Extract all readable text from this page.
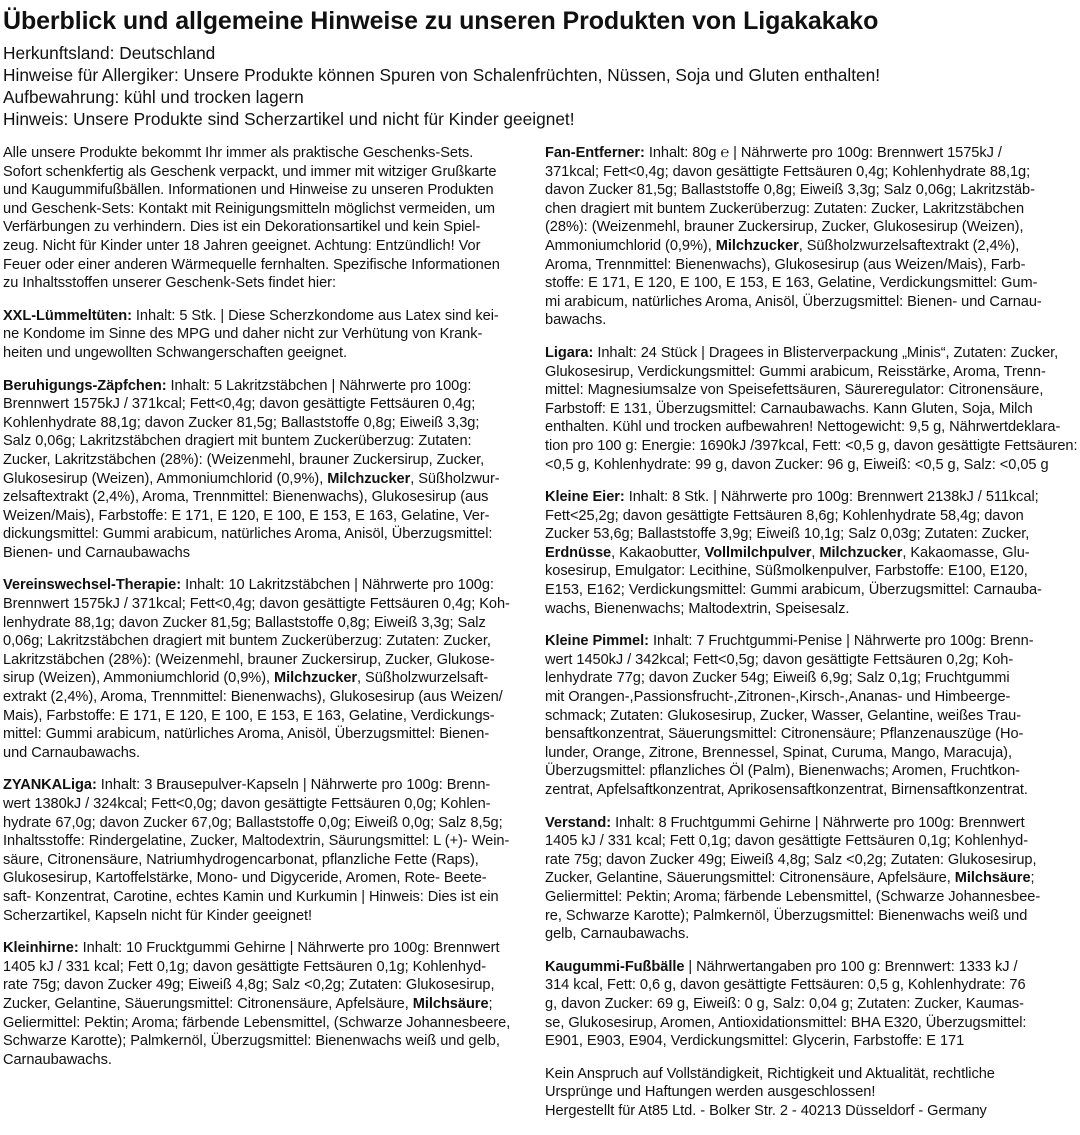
Überblick und allgemeine Hinweise zu unseren Produkten von Ligakakako

Herkunftsland: Deutschland

Hinweise für Allergiker: Unsere Produkte können Spuren von Schalenfrüchten, Nüssen, Soja und Gluten enthalten!

Aufbewahrung: kühl und trocken lagern

Hinweis: Unsere Produkte sind Scherzartikel und nicht für Kinder geeignet!

Alle unsere Produkte bekommt Ihr immer als praktische Geschenks-Sets.
Sofort schenkfertig als Geschenk verpackt, und immer mit witziger Grußkarte
und Kaugummifußbällen. Informationen und Hinweise zu unseren Produkten
und Geschenk-Sets: Kontakt mit Reinigungsmitteln möglichst vermeiden, um
Verfärbungen zu verhindern. Dies ist ein Dekorationsartikel und kein Spiel-
zeug. Nicht für Kinder unter 18 Jahren geeignet. Achtung: Entzündlich! Vor
Feuer oder einer anderen Wärmequelle fernhalten. Spezifische Informationen
zu Inhaltsstoffen unserer Geschenk-Sets findet hier:

XXL-Lümmeltüten: Inhalt: 5 Stk. | Diese Scherzkondome aus Latex sind kei-
ne Kondome im Sinne des MPG und daher nicht zur Verhütung von Krank-
heiten und ungewollten Schwangerschaften geeignet.

Beruhigungs-Zäpfchen: Inhalt: 5 Lakritzstäbchen | Nährwerte pro 100g:
Brennwert 1575kJ / 371kcal; Fett<0,4g; davon gesättigte Fettsäuren 0,4g;
Kohlenhydrate 88,1g; davon Zucker 81,5g; Ballaststoffe 0,8g; Eiweiß 3,3g;
Salz 0,06g; Lakritzstäbchen dragiert mit buntem Zuckerüberzug: Zutaten:
Zucker, Lakritzstäbchen (28%): (Weizenmehl, brauner Zuckersirup, Zucker,
Glukosesirup (Weizen), Ammoniumchlorid (0,9%), Milchzucker, Süßholzwur-
zelsaftextrakt (2,4%), Aroma, Trennmittel: Bienenwachs), Glukosesirup (aus
Weizen/Mais), Farbstoffe: E 171, E 120, E 100, E 153, E 163, Gelatine, Ver-
dickungsmittel: Gummi arabicum, natürliches Aroma, Anisöl, Überzugsmittel:
Bienen- und Carnaubawachs

Vereinswechsel-Therapie: Inhalt: 10 Lakritzstäbchen | Nährwerte pro 100g:
Brennwert 1575kJ / 371kcal; Fett<0,4g; davon gesättigte Fettsäuren 0,4g; Koh-
lenhydrate 88,1g; davon Zucker 81,5g; Ballaststoffe 0,8g; Eiweiß 3,3g; Salz
0,06g; Lakritzstäbchen dragiert mit buntem Zuckerüberzug: Zutaten: Zucker,
Lakritzstäbchen (28%): (Weizenmehl, brauner Zuckersirup, Zucker, Glukose-
sirup (Weizen), Ammoniumchlorid (0,9%), Milchzucker, Süßholzwurzelsaft-
extrakt (2,4%), Aroma, Trennmittel: Bienenwachs), Glukosesirup (aus Weizen/
Mais), Farbstoffe: E 171, E 120, E 100, E 153, E 163, Gelatine, Verdickungs-
mittel: Gummi arabicum, natürliches Aroma, Anisöl, Überzugsmittel: Bienen-
und Carnaubawachs.

ZYANKALiga: Inhalt: 3 Brausepulver-Kapseln | Nährwerte pro 100g: Brenn-
wert 1380kJ / 324kcal; Fett<0,0g; davon gesättigte Fettsäuren 0,0g; Kohlen-
hydrate 67,0g; davon Zucker 67,0g; Ballaststoffe 0,0g; Eiweiß 0,0g; Salz 8,5g;
Inhaltsstoffe: Rindergelatine, Zucker, Maltodextrin, Säurungsmittel: L (+)- Wein-
säure, Citronensäure, Natriumhydrogencarbonat, pflanzliche Fette (Raps),
Glukosesirup, Kartoffelstärke, Mono- und Digyceride, Aromen, Rote- Beete-
saft- Konzentrat, Carotine, echtes Kamin und Kurkumin | Hinweis: Dies ist ein
Scherzartikel, Kapseln nicht für Kinder geeignet!

Kleinhirne: Inhalt: 10 Frucktgummi Gehirne | Nährwerte pro 100g: Brennwert
1405 kJ / 331 kcal; Fett 0,1g; davon gesättigte Fettsäuren 0,1g; Kohlenhyd-
rate 75g; davon Zucker 49g; Eiweiß 4,8g; Salz <0,2g; Zutaten: Glukosesirup,
Zucker, Gelantine, Säuerungsmittel: Citronensäure, Apfelsäure, Milchsäure;
Geliermittel: Pektin; Aroma; färbende Lebensmittel, (Schwarze Johannesbeere,
Schwarze Karotte); Palmkernöl, Überzugsmittel: Bienenwachs weiß und gelb,
Carnaubawachs.

Fan-Entferner: Inhalt: 80g ℮ | Nährwerte pro 100g: Brennwert 1575kJ /
371kcal; Fett<0,4g; davon gesättigte Fettsäuren 0,4g; Kohlenhydrate 88,1g;
davon Zucker 81,5g; Ballaststoffe 0,8g; Eiweiß 3,3g; Salz 0,06g; Lakritzstäb-
chen dragiert mit buntem Zuckerüberzug: Zutaten: Zucker, Lakritzstäbchen
(28%): (Weizenmehl, brauner Zuckersirup, Zucker, Glukosesirup (Weizen),
Ammoniumchlorid (0,9%), Milchzucker, Süßholzwurzelsaftextrakt (2,4%),
Aroma, Trennmittel: Bienenwachs), Glukosesirup (aus Weizen/Mais), Farb-
stoffe: E 171, E 120, E 100, E 153, E 163, Gelatine, Verdickungsmittel: Gum-
mi arabicum, natürliches Aroma, Anisöl, Überzugsmittel: Bienen- und Carnau-
bawachs.

Ligara: Inhalt: 24 Stück | Dragees in Blisterverpackung „Minis“, Zutaten: Zucker,
Glukosesirup, Verdickungsmittel: Gummi arabicum, Reisstärke, Aroma, Trenn-
mittel: Magnesiumsalze von Speisefettsäuren, Säureregulator: Citronensäure,
Farbstoff: E 131, Überzugsmittel: Carnaubawachs. Kann Gluten, Soja, Milch
enthalten. Kühl und trocken aufbewahren! Nettogewicht: 9,5 g, Nährwertdeklara-
tion pro 100 g: Energie: 1690kJ /397kcal, Fett: <0,5 g, davon gesättigte Fettsäuren:
<0,5 g, Kohlenhydrate: 99 g, davon Zucker: 96 g, Eiweiß: <0,5 g, Salz: <0,05 g

Kleine Eier: Inhalt: 8 Stk. | Nährwerte pro 100g: Brennwert 2138kJ / 511kcal;
Fett<25,2g; davon gesättigte Fettsäuren 8,6g; Kohlenhydrate 58,4g; davon
Zucker 53,6g; Ballaststoffe 3,9g; Eiweiß 10,1g; Salz 0,03g; Zutaten: Zucker,
Erdnüsse, Kakaobutter, Vollmilchpulver, Milchzucker, Kakaomasse, Glu-
kosesirup, Emulgator: Lecithine, Süßmolkenpulver, Farbstoffe: E100, E120,
E153, E162; Verdickungsmittel: Gummi arabicum, Überzugsmittel: Carnauba-
wachs, Bienenwachs; Maltodextrin, Speisesalz.

Kleine Pimmel: Inhalt: 7 Fruchtgummi-Penise | Nährwerte pro 100g: Brenn-
wert 1450kJ / 342kcal; Fett<0,5g; davon gesättigte Fettsäuren 0,2g; Koh-
lenhydrate 77g; davon Zucker 54g; Eiweiß 6,9g; Salz 0,1g; Fruchtgummi
mit Orangen-,Passionsfrucht-,Zitronen-,Kirsch-,Ananas- und Himbeerge-
schmack; Zutaten: Glukosesirup, Zucker, Wasser, Gelantine, weißes Trau-
bensaftkonzentrat, Säuerungsmittel: Citronensäure; Pflanzenauszüge (Ho-
lunder, Orange, Zitrone, Brennessel, Spinat, Curuma, Mango, Maracuja),
Überzugsmittel: pflanzliches Öl (Palm), Bienenwachs; Aromen, Fruchtkon-
zentrat, Apfelsaftkonzentrat, Aprikosensaftkonzentrat, Birnensaftkonzentrat.

Verstand: Inhalt: 8 Fruchtgummi Gehirne | Nährwerte pro 100g: Brennwert
1405 kJ / 331 kcal; Fett 0,1g; davon gesättigte Fettsäuren 0,1g; Kohlenhyd-
rate 75g; davon Zucker 49g; Eiweiß 4,8g; Salz <0,2g; Zutaten: Glukosesirup,
Zucker, Gelantine, Säuerungsmittel: Citronensäure, Apfelsäure, Milchsäure;
Geliermittel: Pektin; Aroma; färbende Lebensmittel, (Schwarze Johannesbee-
re, Schwarze Karotte); Palmkernöl, Überzugsmittel: Bienenwachs weiß und
gelb, Carnaubawachs.

Kaugummi-Fußbälle | Nährwertangaben pro 100 g: Brennwert: 1333 kJ /
314 kcal, Fett: 0,6 g, davon gesättigte Fettsäuren: 0,5 g, Kohlenhydrate: 76
g, davon Zucker: 69 g, Eiweiß: 0 g, Salz: 0,04 g; Zutaten: Zucker, Kaumas-
se, Glukosesirup, Aromen, Antioxidationsmittel: BHA E320, Überzugsmittel:
E901, E903, E904, Verdickungsmittel: Glycerin, Farbstoffe: E 171

Kein Anspruch auf Vollständigkeit, Richtigkeit und Aktualität, rechtliche
Ursprünge und Haftungen werden ausgeschlossen!
Hergestellt für At85 Ltd. - Bolker Str. 2 - 40213 Düsseldorf - Germany
